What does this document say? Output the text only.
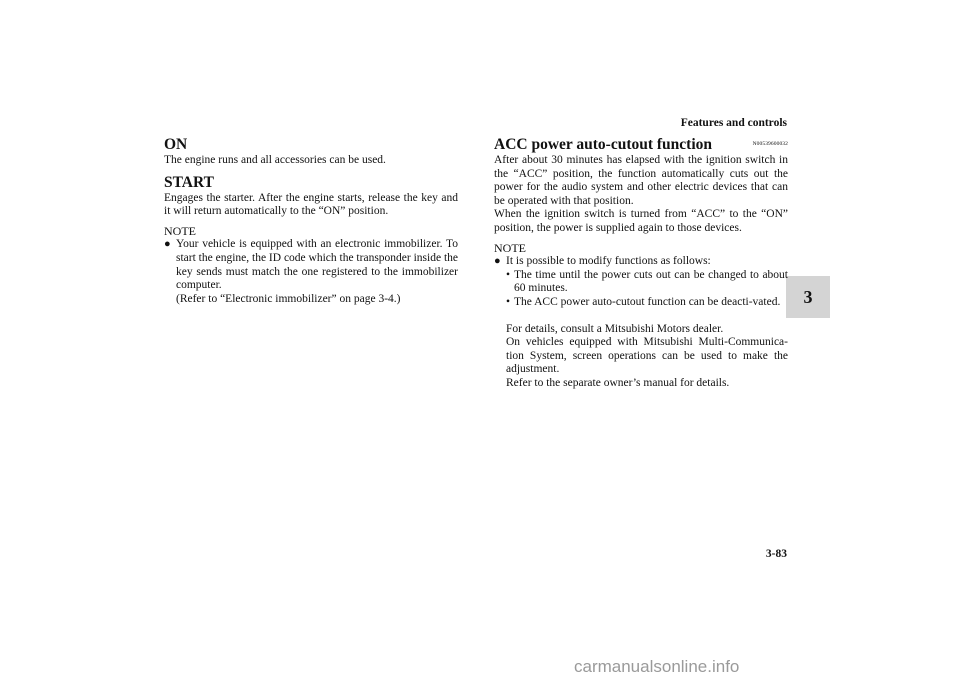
Features and controls
3
ON

The engine runs and all accessories can be used.

START

Engages the starter. After the engine starts, release the key and it will return automatically to the “ON” position.

NOTE
● Your vehicle is equipped with an electronic immobilizer. To start the engine, the ID code which the transponder inside the key sends must match the one registered to the immobilizer computer.

(Refer to “Electronic immobilizer” on page 3-4.)

ACC power auto-cutout function	N00539600032

After about 30 minutes has elapsed with the ignition switch in the “ACC” position, the function automatically cuts out the power for the audio system and other electric devices that can be operated with that position.

When the ignition switch is turned from “ACC” to the “ON” position, the power is supplied again to those devices.

NOTE
● It is possible to modify functions as follows:

• The time until the power cuts out can be changed to about 60 minutes.
• The ACC power auto-cutout function can be deacti-vated.

For details, consult a Mitsubishi Motors dealer.

On vehicles equipped with Mitsubishi Multi-Communica-tion System, screen operations can be used to make the adjustment.

Refer to the separate owner’s manual for details.

3-83
carmanualsonline.info
